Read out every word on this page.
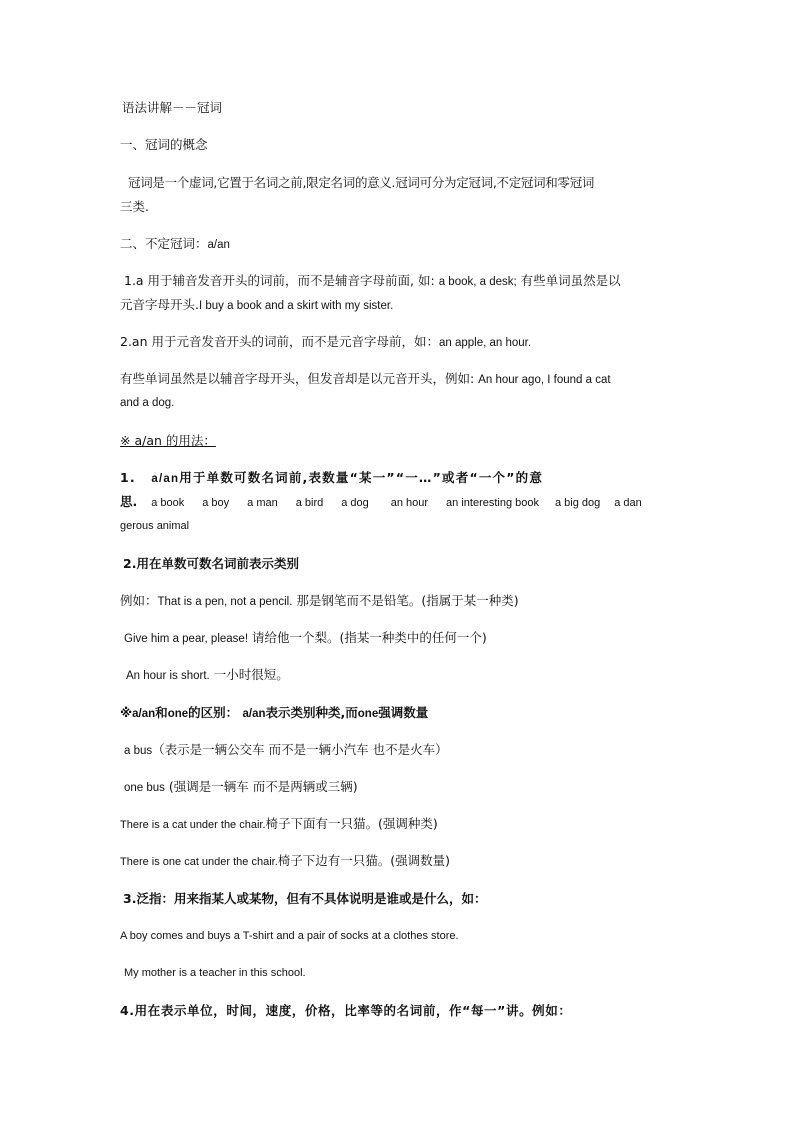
语法讲解－－冠词
一、冠词的概念
冠词是一个虚词,它置于名词之前,限定名词的意义.冠词可分为定冠词,不定冠词和零冠词
三类.
二、不定冠词：a/an
1.a 用于辅音发音开头的词前，而不是辅音字母前面, 如: a book, a desk; 有些单词虽然是以
元音字母开头.I buy a book and a skirt with my sister.
2.an 用于元音发音开头的词前，而不是元音字母前，如：an apple, an hour.
有些单词虽然是以辅音字母开头，但发音却是以元音开头，例如: An hour ago, I found a cat
and a dog.
※ a/an 的用法：
1. a/an用于单数可数名词前,表数量“某一”“一…”或者“一个”的意
思. a book a boy a man a bird a dog an hour an interesting book a big dog a dan
gerous animal
2.用在单数可数名词前表示类别
例如：That is a pen, not a pencil. 那是钢笔而不是铅笔。(指属于某一种类)
Give him a pear, please! 请给他一个梨。(指某一种类中的任何一个)
An hour is short. 一小时很短。
※a/an和one的区别： a/an表示类别种类,而one强调数量
a bus（表示是一辆公交车 而不是一辆小汽车 也不是火车）
one bus (强调是一辆车 而不是两辆或三辆)
There is a cat under the chair.椅子下面有一只猫。(强调种类)
There is one cat under the chair.椅子下边有一只猫。(强调数量)
3.泛指：用来指某人或某物，但有不具体说明是谁或是什么，如：
A boy comes and buys a T-shirt and a pair of socks at a clothes store.
My mother is a teacher in this school.
4.用在表示单位，时间，速度，价格，比率等的名词前，作“每一”讲。例如：
